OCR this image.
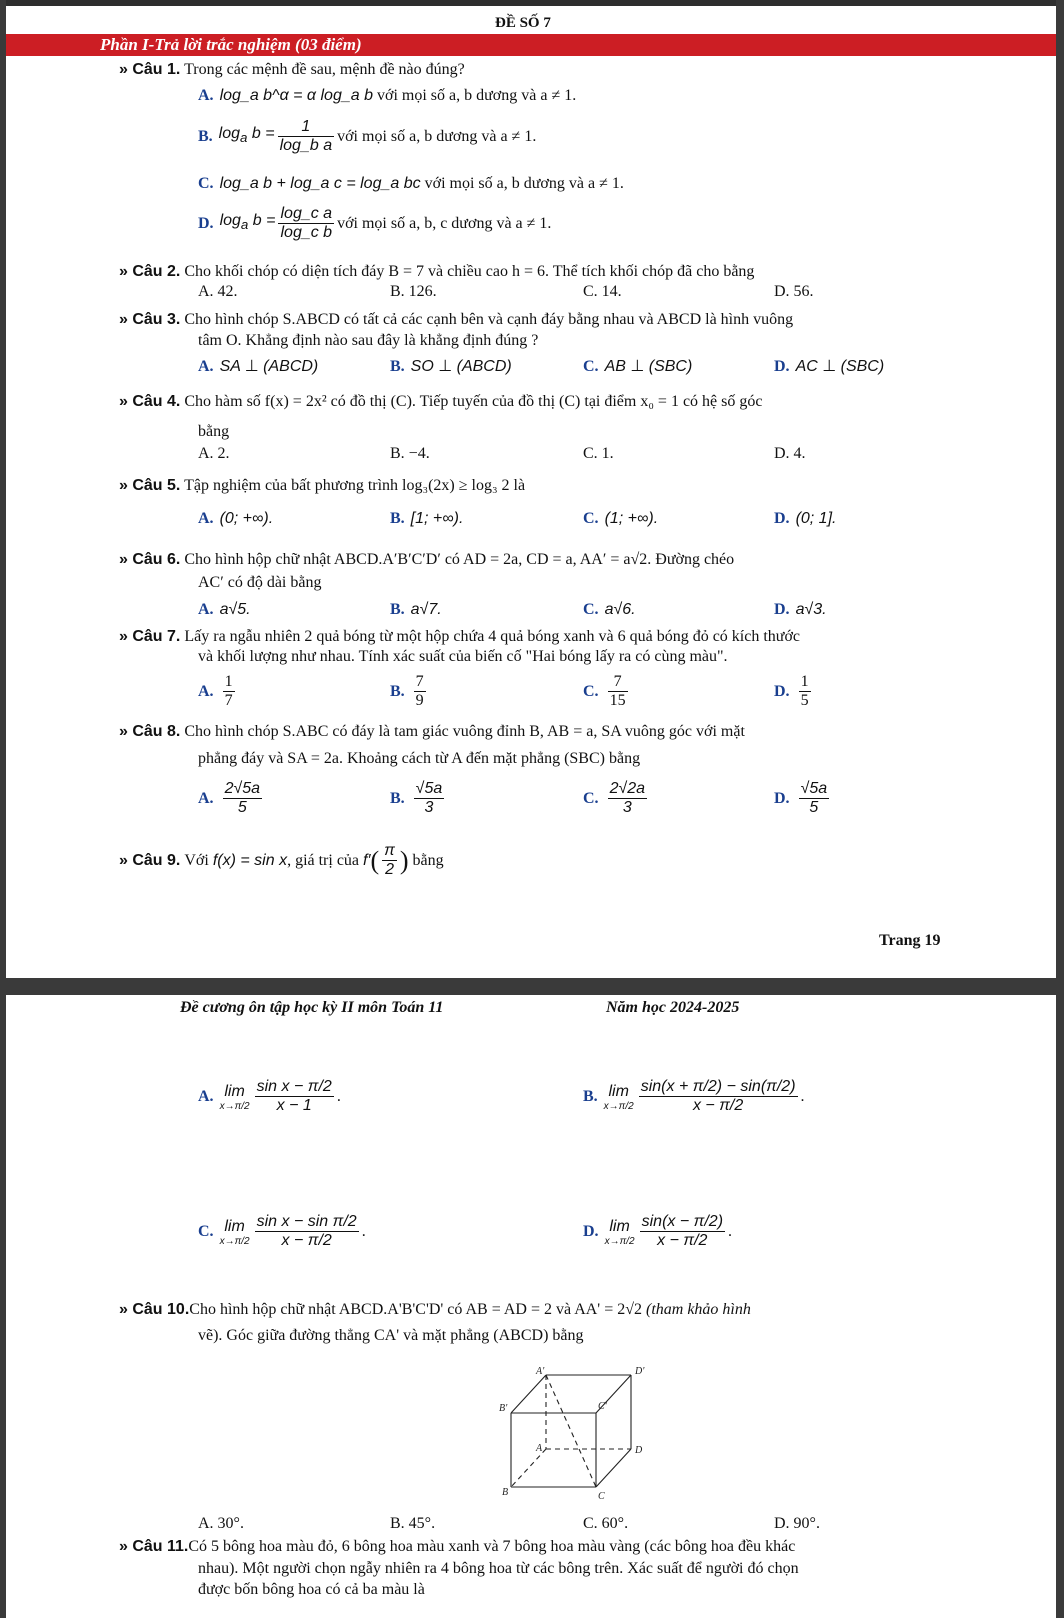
ĐỀ SỐ 7
Phần I-Trả lời trắc nghiệm (03 điểm)
» Câu 1. Trong các mệnh đề sau, mệnh đề nào đúng?
A. log_a b^α = α log_a b với mọi số a, b dương và a ≠ 1.
B. $\log_a b = \frac{1}{\text{log\_b a}}$ với mọi số a, b dương và a ≠ 1.
C. log_a b + log_a c = log_a bc với mọi số a, b dương và a ≠ 1.
D. $\log_a b = \frac{\text{log\_c a}}{\text{log\_c b}}$ với mọi số a, b, c dương và a ≠ 1.
» Câu 2. Cho khối chóp có diện tích đáy B = 7 và chiều cao h = 6. Thể tích khối chóp đã cho bằng
A. 42.	B. 126.	C. 14.	D. 56.
» Câu 3. Cho hình chóp S.ABCD có tất cả các cạnh bên và cạnh đáy bằng nhau và ABCD là hình vuông
tâm O. Khẳng định nào sau đây là khẳng định đúng ?
A. SA ⊥ (ABCD)	B. SO ⊥ (ABCD)	C. AB ⊥ (SBC)	D. AC ⊥ (SBC)
» Câu 4. Cho hàm số f(x) = 2x² có đồ thị (C). Tiếp tuyến của đồ thị (C) tại điểm x₀ = 1 có hệ số góc
bằng
A. 2.	B. −4.	C. 1.	D. 4.
» Câu 5. Tập nghiệm của bất phương trình log₃(2x) ≥ log₃ 2 là
A. (0; +∞).	B. [1; +∞).	C. (1; +∞).	D. (0; 1].
» Câu 6. Cho hình hộp chữ nhật ABCD.A′B′C′D′ có AD = 2a, CD = a, AA′ = a√2. Đường chéo
AC′ có độ dài bằng
A. a√5.	B. a√7.	C. a√6.	D. a√3.
» Câu 7. Lấy ra ngẫu nhiên 2 quả bóng từ một hộp chứa 4 quả bóng xanh và 6 quả bóng đỏ có kích thước
và khối lượng như nhau. Tính xác suất của biến cố "Hai bóng lấy ra có cùng màu".
A. $\frac{1}{7}$	B. $\frac{7}{9}$	C. $\frac{7}{15}$	D. $\frac{1}{5}$
» Câu 8. Cho hình chóp S.ABC có đáy là tam giác vuông đỉnh B, AB = a, SA vuông góc với mặt
phẳng đáy và SA = 2a. Khoảng cách từ A đến mặt phẳng (SBC) bằng
A. $\frac{2√5a}{5}$	B. $\frac{√5a}{3}$	C. $\frac{2√2a}{3}$	D. $\frac{√5a}{5}$
» Câu 9.
Với
f(x) = sin x , giá trị của
f′ ( $\frac{\pi}{2}$ )
bằng
Trang 19
Đề cương ôn tập học kỳ II môn Toán 11	Năm học 2024-2025
A. lim
$x\to\pi/2 \frac{\text{sin x − π/2}}{x - 1}$ .	B. lim
$x\to\pi/2 \frac{\sin(x + \pi/2) - \sin(\pi/2)}{x - \pi/2}$ .
C. lim
$x\to\pi/2 \frac{\text{sin x − sin π/2}}{x - \pi/2}$ .	D. lim
$x\to\pi/2 \frac{\sin(x - \pi/2)}{x - \pi/2}$ .
» Câu 10.Cho hình hộp chữ nhật ABCD.A'B'C'D' có AB = AD = 2 và AA' = 2√2 (tham khảo hình
vẽ). Góc giữa đường thẳng CA' và mặt phẳng (ABCD) bằng
A'	D'
B'	C'
A	D
B	C
A. 30°.	B. 45°.	C. 60°.	D. 90°.
» Câu 11.Có 5 bông hoa màu đỏ, 6 bông hoa màu xanh và 7 bông hoa màu vàng (các bông hoa đều khác
nhau). Một người chọn ngẫy nhiên ra 4 bông hoa từ các bông trên. Xác suất để người đó chọn
được bốn bông hoa có cả ba màu là
